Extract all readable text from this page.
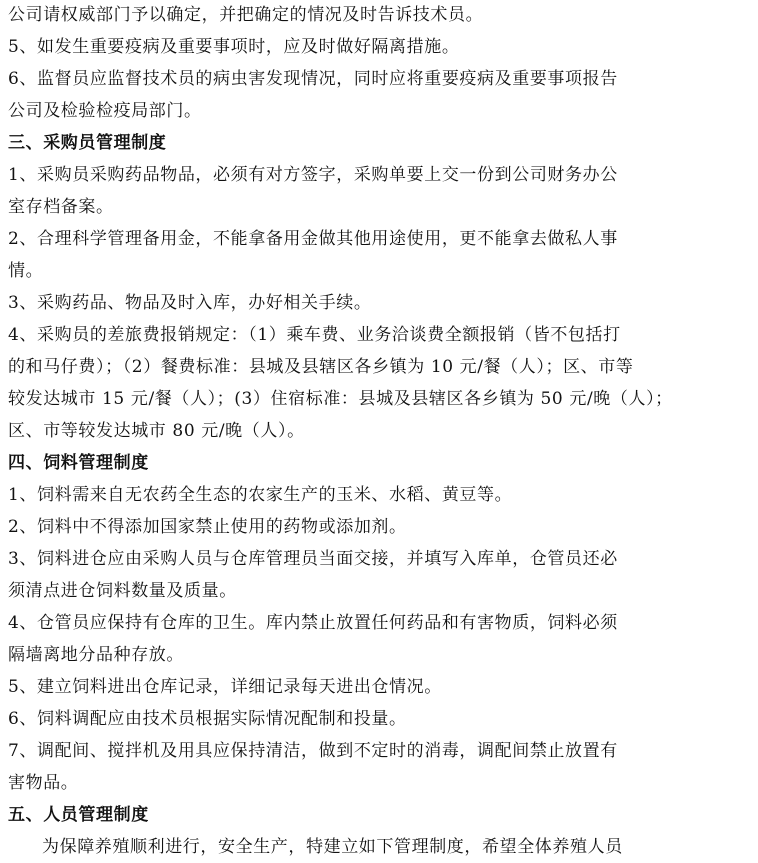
公司请权威部门予以确定，并把确定的情况及时告诉技术员。
5、如发生重要疫病及重要事项时，应及时做好隔离措施。
6、监督员应监督技术员的病虫害发现情况，同时应将重要疫病及重要事项报告
公司及检验检疫局部门。
三、采购员管理制度
1、采购员采购药品物品，必须有对方签字，采购单要上交一份到公司财务办公
室存档备案。
2、合理科学管理备用金，不能拿备用金做其他用途使用，更不能拿去做私人事
情。
3、采购药品、物品及时入库，办好相关手续。
4、采购员的差旅费报销规定：（1）乘车费、业务洽谈费全额报销（皆不包括打
的和马仔费）；（2）餐费标准：县城及县辖区各乡镇为 10 元/餐（人）；区、市等
较发达城市 15 元/餐（人）；(3）住宿标准：县城及县辖区各乡镇为 50 元/晚（人）；
区、市等较发达城市 80 元/晚（人）。
四、饲料管理制度
1、饲料需来自无农药全生态的农家生产的玉米、水稻、黄豆等。
2、饲料中不得添加国家禁止使用的药物或添加剂。
3、饲料进仓应由采购人员与仓库管理员当面交接，并填写入库单，仓管员还必
须清点进仓饲料数量及质量。
4、仓管员应保持有仓库的卫生。库内禁止放置任何药品和有害物质，饲料必须
隔墙离地分品种存放。
5、建立饲料进出仓库记录，详细记录每天进出仓情况。
6、饲料调配应由技术员根据实际情况配制和投量。
7、调配间、搅拌机及用具应保持清洁，做到不定时的消毒，调配间禁止放置有
害物品。
五、人员管理制度
为保障养殖顺利进行，安全生产，特建立如下管理制度，希望全体养殖人员
